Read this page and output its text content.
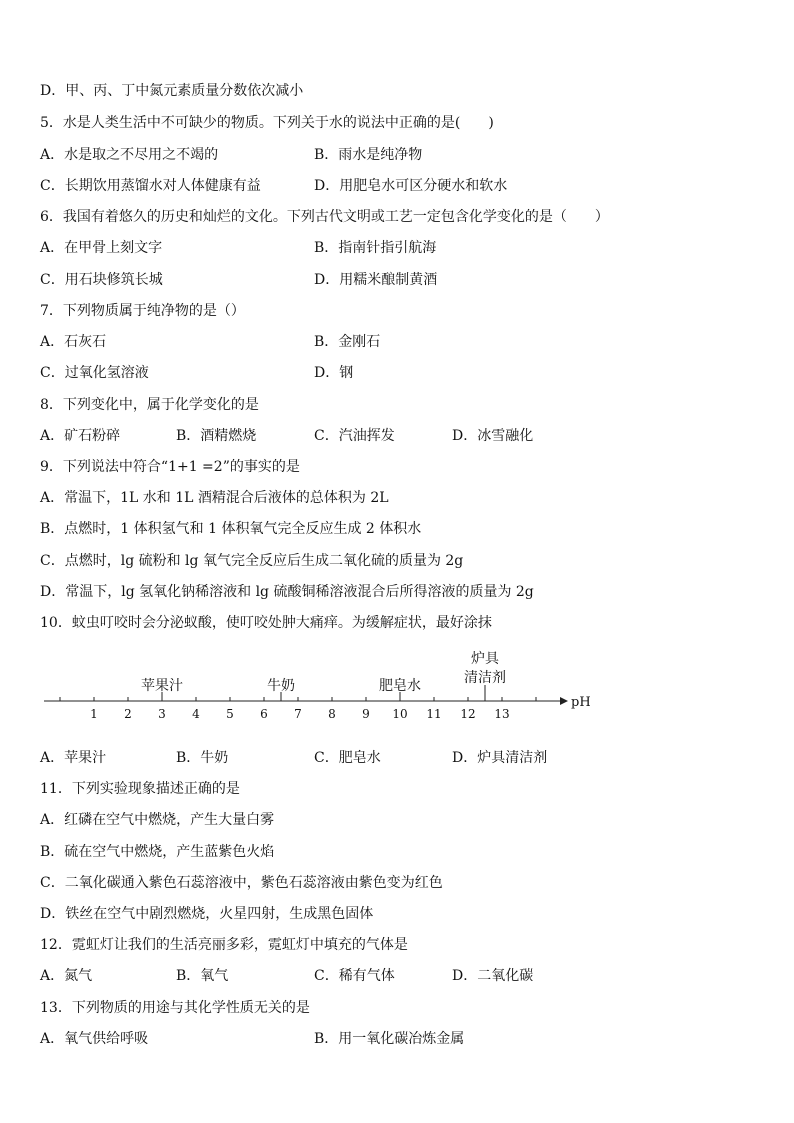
D．甲、丙、丁中氮元素质量分数依次减小
5．水是人类生活中不可缺少的物质。下列关于水的说法中正确的是(　　)
A．水是取之不尽用之不竭的	B．雨水是纯净物
C．长期饮用蒸馏水对人体健康有益	D．用肥皂水可区分硬水和软水
6．我国有着悠久的历史和灿烂的文化。下列古代文明或工艺一定包含化学变化的是（　　）
A．在甲骨上刻文字	B．指南针指引航海
C．用石块修筑长城	D．用糯米酿制黄酒
7．下列物质属于纯净物的是（）
A．石灰石	B．金刚石
C．过氧化氢溶液	D．钢
8．下列变化中，属于化学变化的是
A．矿石粉碎	B．酒精燃烧	C．汽油挥发	D．冰雪融化
9．下列说法中符合“1+1 =2”的事实的是
A．常温下，1L 水和 1L 酒精混合后液体的总体积为 2L
B．点燃时，1 体积氢气和 1 体积氧气完全反应生成 2 体积水
C．点燃时，lg 硫粉和 lg 氧气完全反应后生成二氧化硫的质量为 2g
D．常温下，lg 氢氧化钠稀溶液和 lg 硫酸铜稀溶液混合后所得溶液的质量为 2g
10．蚊虫叮咬时会分泌蚁酸，使叮咬处肿大痛痒。为缓解症状，最好涂抹
pH
1 2 3 4 5 6 7 8 9 10 11 12 13
苹果汁	牛奶	肥皂水
炉具
清洁剂
A．苹果汁	B．牛奶	C．肥皂水	D．炉具清洁剂
11．下列实验现象描述正确的是
A．红磷在空气中燃烧，产生大量白雾
B．硫在空气中燃烧，产生蓝紫色火焰
C．二氧化碳通入紫色石蕊溶液中，紫色石蕊溶液由紫色变为红色
D．铁丝在空气中剧烈燃烧，火星四射，生成黑色固体
12．霓虹灯让我们的生活亮丽多彩，霓虹灯中填充的气体是
A．氮气	B．氧气	C．稀有气体	D．二氧化碳
13．下列物质的用途与其化学性质无关的是
A．氧气供给呼吸	B．用一氧化碳冶炼金属
